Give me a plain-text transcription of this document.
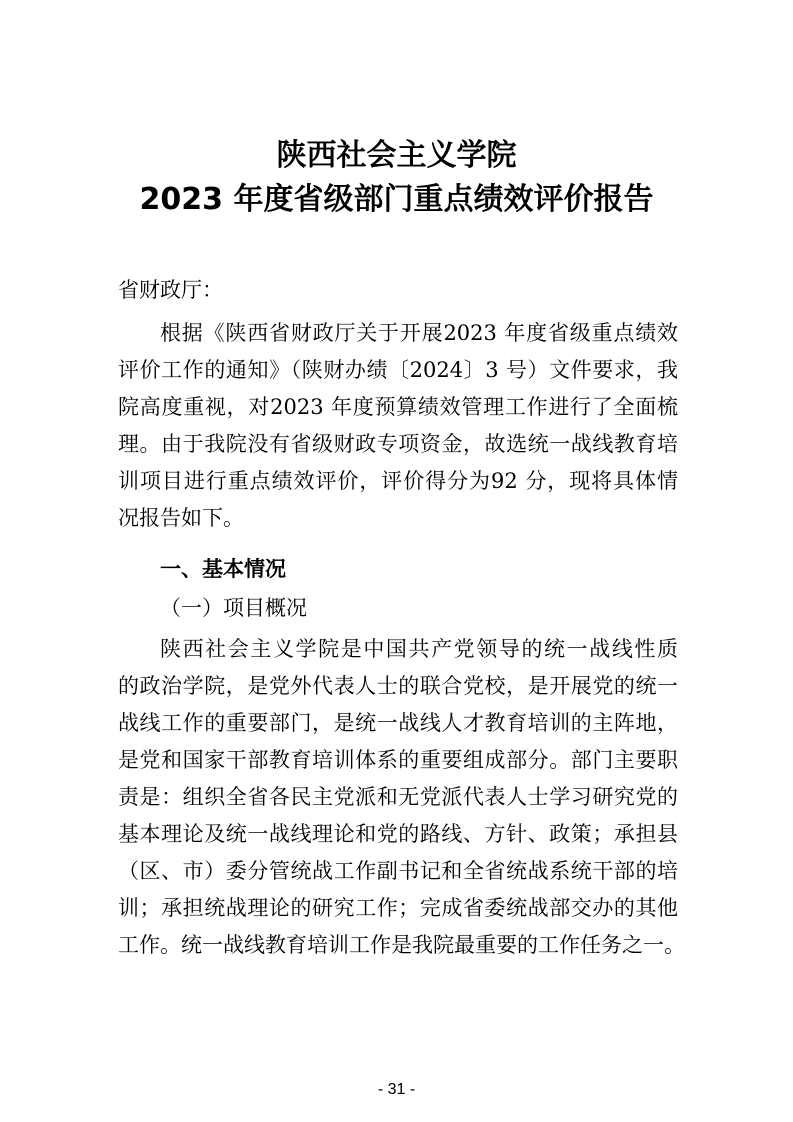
陕西社会主义学院
2023 年度省级部门重点绩效评价报告
省财政厅：
根据《陕西省财政厅关于开展2023 年度省级重点绩效
评价工作的通知》（陕财办绩〔2024〕3 号）文件要求，我
院高度重视，对2023 年度预算绩效管理工作进行了全面梳
理。由于我院没有省级财政专项资金，故选统一战线教育培
训项目进行重点绩效评价，评价得分为92 分，现将具体情
况报告如下。
一、基本情况
（一）项目概况
陕西社会主义学院是中国共产党领导的统一战线性质
的政治学院，是党外代表人士的联合党校，是开展党的统一
战线工作的重要部门，是统一战线人才教育培训的主阵地，
是党和国家干部教育培训体系的重要组成部分。部门主要职
责是：组织全省各民主党派和无党派代表人士学习研究党的
基本理论及统一战线理论和党的路线、方针、政策；承担县
（区、市）委分管统战工作副书记和全省统战系统干部的培
训；承担统战理论的研究工作；完成省委统战部交办的其他
工作。统一战线教育培训工作是我院最重要的工作任务之一。
- 31 -
